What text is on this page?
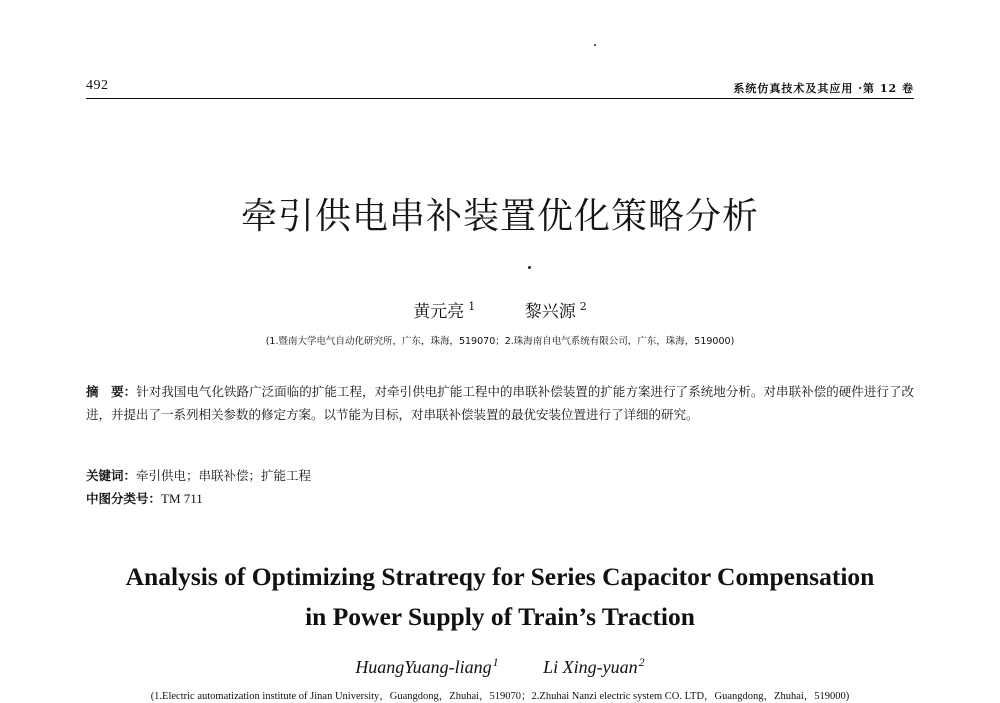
492	系统仿真技术及其应用 ·第 12 卷
牵引供电串补装置优化策略分析
黄元亮 $^1$	黎兴源 $^2$
(1.暨南大学电气自动化研究所，广东，珠海，519070；2.珠海南自电气系统有限公司，广东，珠海，519000)
摘　要：针对我国电气化铁路广泛面临的扩能工程，对牵引供电扩能工程中的串联补偿装置的扩能方案进行了系统地分析。对串联补偿的硬件进行了改进，并提出了一系列相关参数的修定方案。以节能为目标，对串联补偿装置的最优安装位置进行了详细的研究。
关键词：牵引供电；串联补偿；扩能工程
中图分类号：TM 711
Analysis of Optimizing Stratreqy for Series Capacitor Compensation
in Power Supply of Train’s Traction
HuangYuang-liang$^1$ Li Xing-yuan$^2$
(1.Electric automatization institute of Jinan University，Guangdong，Zhuhai，519070；2.Zhuhai Nanzi electric system CO. LTD，Guangdong，Zhuhai，519000)
